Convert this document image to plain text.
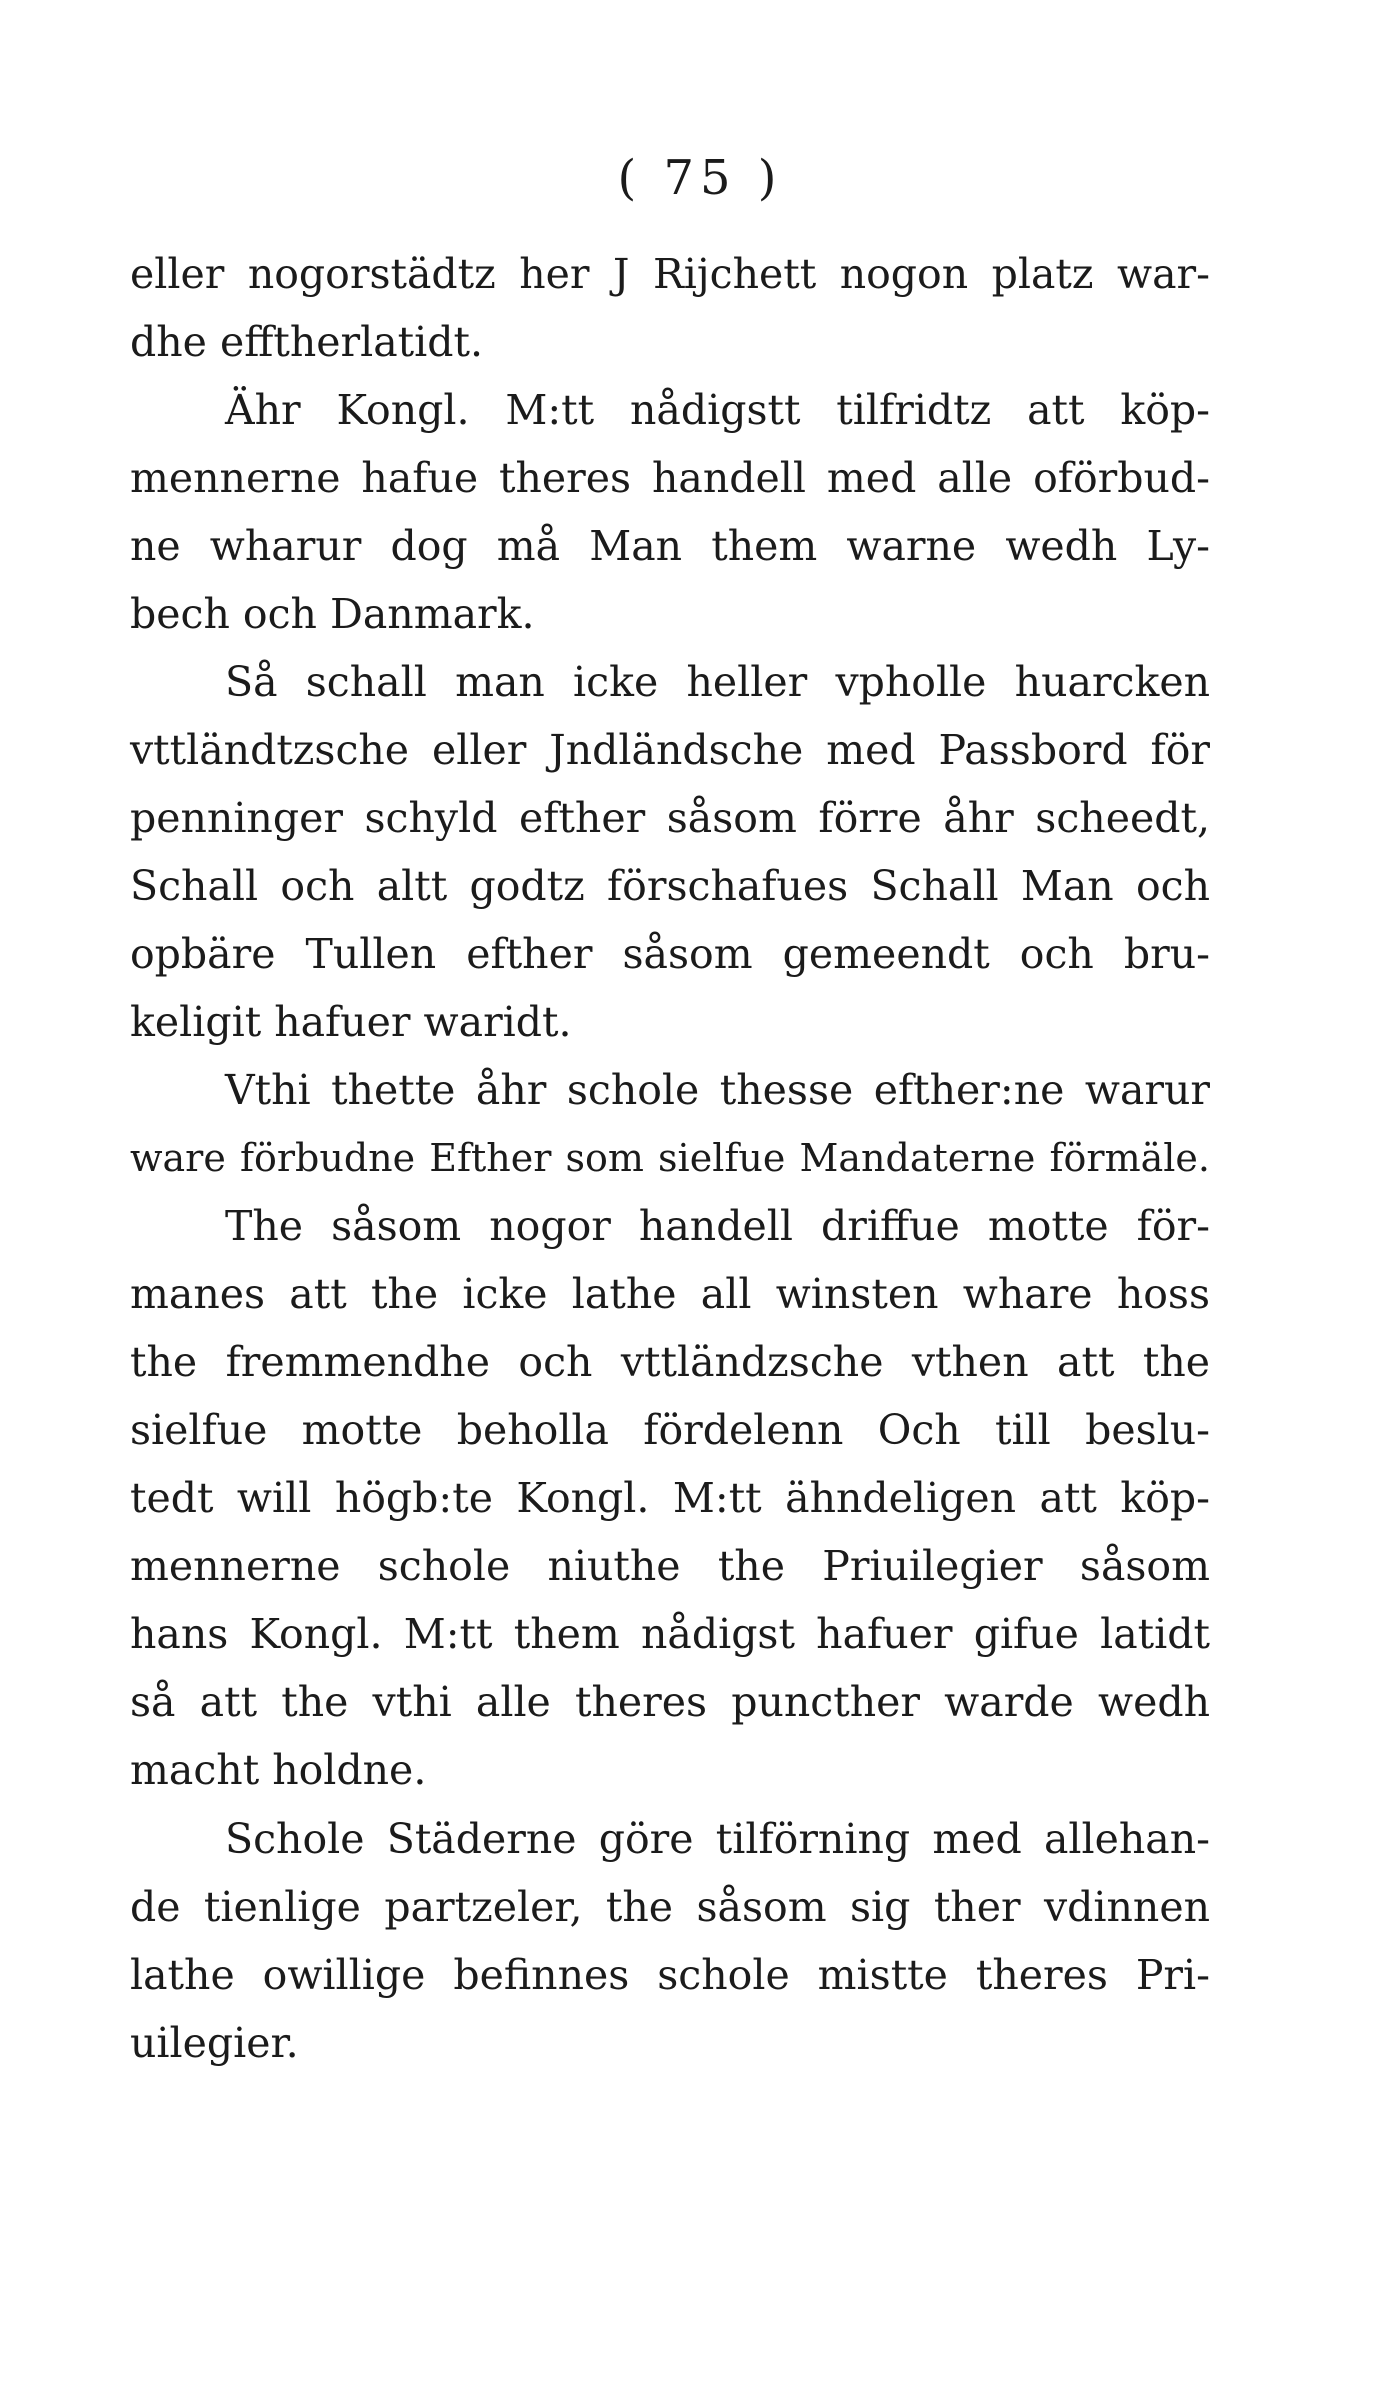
( 75 )
eller nogorstädtz her J Rijchett nogon platz war-
dhe efftherlatidt.
Ähr Kongl. M:tt nådigstt tilfridtz att köp-
mennerne hafue theres handell med alle oförbud-
ne wharur dog må Man them warne wedh Ly-
bech och Danmark.
Så schall man icke heller vpholle huarcken
vttländtzsche eller Jndländsche med Passbord för
penninger schyld efther såsom förre åhr scheedt,
Schall och altt godtz förschafues Schall Man och
opbäre Tullen efther såsom gemeendt och bru-
keligit hafuer waridt.
Vthi thette åhr schole thesse efther:ne warur
ware förbudne Efther som sielfue Mandaterne förmäle.
The såsom nogor handell driffue motte för-
manes att the icke lathe all winsten whare hoss
the fremmendhe och vttländzsche vthen att the
sielfue motte beholla fördelenn Och till beslu-
tedt will högb:te Kongl. M:tt ähndeligen att köp-
mennerne schole niuthe the Priuilegier såsom
hans Kongl. M:tt them nådigst hafuer gifue latidt
så att the vthi alle theres puncther warde wedh
macht holdne.
Schole Städerne göre tilförning med allehan-
de tienlige partzeler, the såsom sig ther vdinnen
lathe owillige befinnes schole mistte theres Pri-
uilegier.
